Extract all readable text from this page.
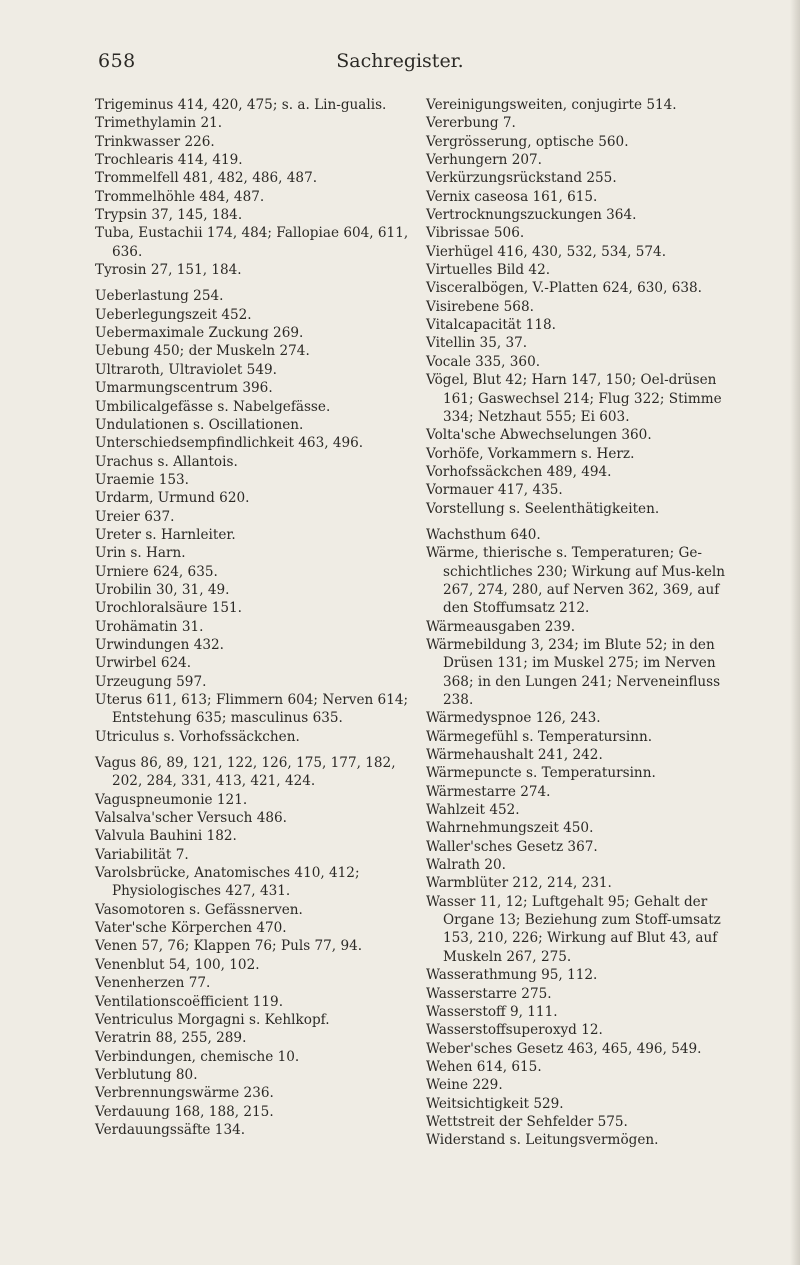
658	Sachregister.
Trigeminus 414, 420, 475; s. a. Lin-gualis.
Trimethylamin 21.
Trinkwasser 226.
Trochlearis 414, 419.
Trommelfell 481, 482, 486, 487.
Trommelhöhle 484, 487.
Trypsin 37, 145, 184.
Tuba, Eustachii 174, 484; Fallopiae 604, 611, 636.
Tyrosin 27, 151, 184.
Ueberlastung 254.
Ueberlegungszeit 452.
Uebermaximale Zuckung 269.
Uebung 450; der Muskeln 274.
Ultraroth, Ultraviolet 549.
Umarmungscentrum 396.
Umbilicalgefässe s. Nabelgefässe.
Undulationen s. Oscillationen.
Unterschiedsempfindlichkeit 463, 496.
Urachus s. Allantois.
Uraemie 153.
Urdarm, Urmund 620.
Ureier 637.
Ureter s. Harnleiter.
Urin s. Harn.
Urniere 624, 635.
Urobilin 30, 31, 49.
Urochloralsäure 151.
Urohämatin 31.
Urwindungen 432.
Urwirbel 624.
Urzeugung 597.
Uterus 611, 613; Flimmern 604; Nerven 614; Entstehung 635; masculinus 635.
Utriculus s. Vorhofssäckchen.
Vagus 86, 89, 121, 122, 126, 175, 177, 182, 202, 284, 331, 413, 421, 424.
Vaguspneumonie 121.
Valsalva'scher Versuch 486.
Valvula Bauhini 182.
Variabilität 7.
Varolsbrücke, Anatomisches 410, 412; Physiologisches 427, 431.
Vasomotoren s. Gefässnerven.
Vater'sche Körperchen 470.
Venen 57, 76; Klappen 76; Puls 77, 94.
Venenblut 54, 100, 102.
Venenherzen 77.
Ventilationscoëfficient 119.
Ventriculus Morgagni s. Kehlkopf.
Veratrin 88, 255, 289.
Verbindungen, chemische 10.
Verblutung 80.
Verbrennungswärme 236.
Verdauung 168, 188, 215.
Verdauungssäfte 134.
Vereinigungsweiten, conjugirte 514.
Vererbung 7.
Vergrösserung, optische 560.
Verhungern 207.
Verkürzungsrückstand 255.
Vernix caseosa 161, 615.
Vertrocknungszuckungen 364.
Vibrissae 506.
Vierhügel 416, 430, 532, 534, 574.
Virtuelles Bild 42.
Visceralbögen, V.-Platten 624, 630, 638.
Visirebene 568.
Vitalcapacität 118.
Vitellin 35, 37.
Vocale 335, 360.
Vögel, Blut 42; Harn 147, 150; Oel-drüsen 161; Gaswechsel 214; Flug 322; Stimme 334; Netzhaut 555; Ei 603.
Volta'sche Abwechselungen 360.
Vorhöfe, Vorkammern s. Herz.
Vorhofssäckchen 489, 494.
Vormauer 417, 435.
Vorstellung s. Seelenthätigkeiten.
Wachsthum 640.
Wärme, thierische s. Temperaturen; Ge-schichtliches 230; Wirkung auf Mus-keln 267, 274, 280, auf Nerven 362, 369, auf den Stoffumsatz 212.
Wärmeausgaben 239.
Wärmebildung 3, 234; im Blute 52; in den Drüsen 131; im Muskel 275; im Nerven 368; in den Lungen 241; Nerveneinfluss 238.
Wärmedyspnoe 126, 243.
Wärmegefühl s. Temperatursinn.
Wärmehaushalt 241, 242.
Wärmepuncte s. Temperatursinn.
Wärmestarre 274.
Wahlzeit 452.
Wahrnehmungszeit 450.
Waller'sches Gesetz 367.
Walrath 20.
Warmblüter 212, 214, 231.
Wasser 11, 12; Luftgehalt 95; Gehalt der Organe 13; Beziehung zum Stoff-umsatz 153, 210, 226; Wirkung auf Blut 43, auf Muskeln 267, 275.
Wasserathmung 95, 112.
Wasserstarre 275.
Wasserstoff 9, 111.
Wasserstoffsuperoxyd 12.
Weber'sches Gesetz 463, 465, 496, 549.
Wehen 614, 615.
Weine 229.
Weitsichtigkeit 529.
Wettstreit der Sehfelder 575.
Widerstand s. Leitungsvermögen.
